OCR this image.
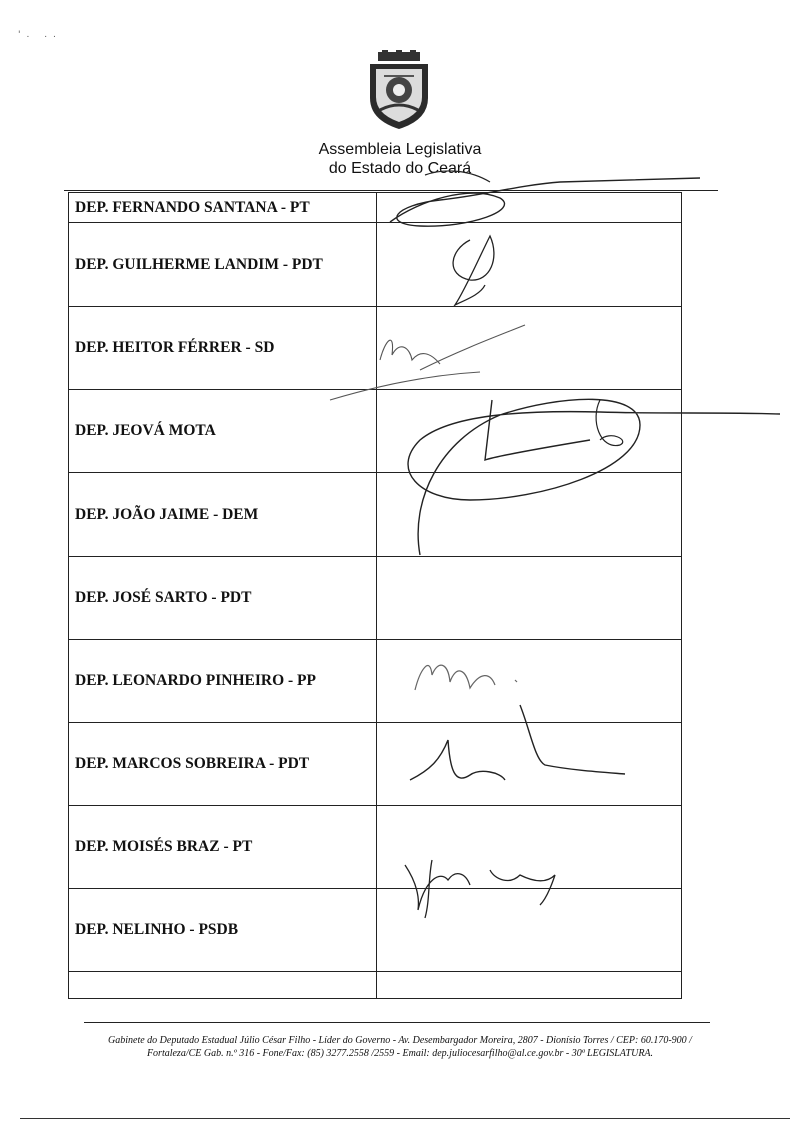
'. ..
Assembleia Legislativa
do Estado do Ceará
DEP. FERNANDO SANTANA - PT	
DEP. GUILHERME LANDIM - PDT	
DEP. HEITOR FÉRRER - SD	
DEP. JEOVÁ MOTA	
DEP. JOÃO JAIME - DEM	
DEP. JOSÉ SARTO - PDT	
DEP. LEONARDO PINHEIRO - PP	
DEP. MARCOS SOBREIRA - PDT	
DEP. MOISÉS BRAZ - PT	
DEP. NELINHO - PSDB	

Gabinete do Deputado Estadual Júlio César Filho - Líder do Governo - Av. Desembargador Moreira, 2807 - Dionísio Torres / CEP: 60.170-900 /
Fortaleza/CE Gab. n.º 316 - Fone/Fax: (85) 3277.2558 /2559 - Email: dep.juliocesarfilho@al.ce.gov.br - 30ª LEGISLATURA.
